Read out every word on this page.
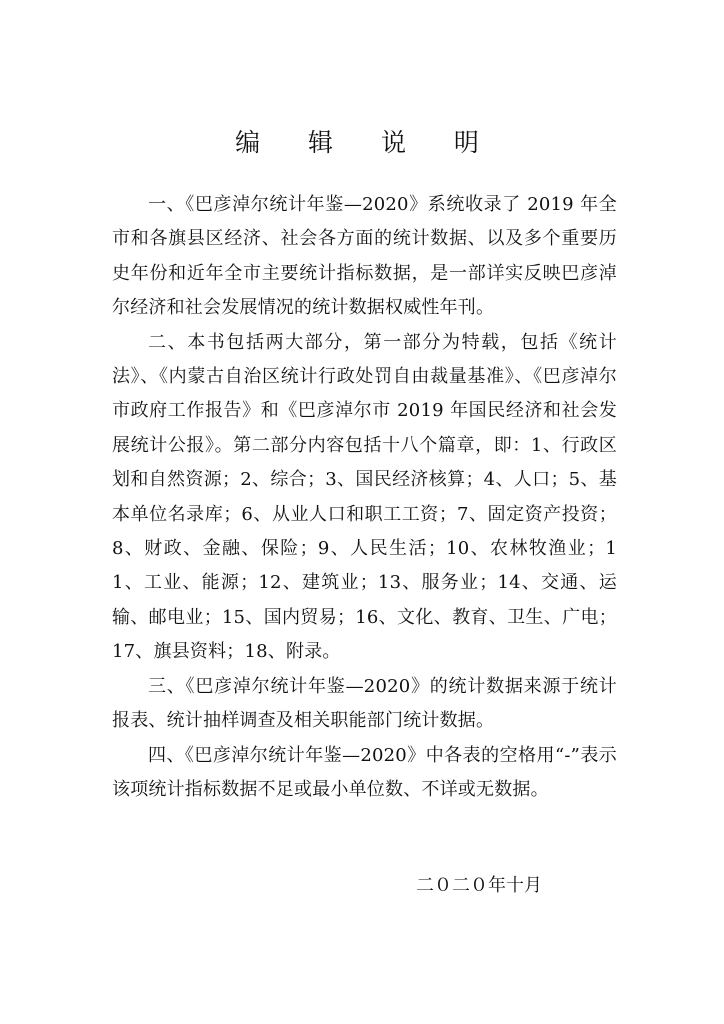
编 辑 说 明

一、《巴彦淖尔统计年鉴—2020》系统收录了 2019 年全市和各旗县区经济、社会各方面的统计数据、以及多个重要历史年份和近年全市主要统计指标数据，是一部详实反映巴彦淖尔经济和社会发展情况的统计数据权威性年刊。

二、本书包括两大部分，第一部分为特载，包括《统计法》、《内蒙古自治区统计行政处罚自由裁量基准》、《巴彦淖尔市政府工作报告》和《巴彦淖尔市 2019 年国民经济和社会发展统计公报》。第二部分内容包括十八个篇章，即：1、行政区划和自然资源；2、综合；3、国民经济核算；4、人口；5、基本单位名录库；6、从业人口和职工工资；7、固定资产投资；8、财政、金融、保险；9、人民生活；10、农林牧渔业；11、工业、能源；12、建筑业；13、服务业；14、交通、运输、邮电业；15、国内贸易；16、文化、教育、卫生、广电；17、旗县资料；18、附录。

三、《巴彦淖尔统计年鉴—2020》的统计数据来源于统计报表、统计抽样调查及相关职能部门统计数据。

四、《巴彦淖尔统计年鉴—2020》中各表的空格用“-”表示该项统计指标数据不足或最小单位数、不详或无数据。

二０二０年十月
